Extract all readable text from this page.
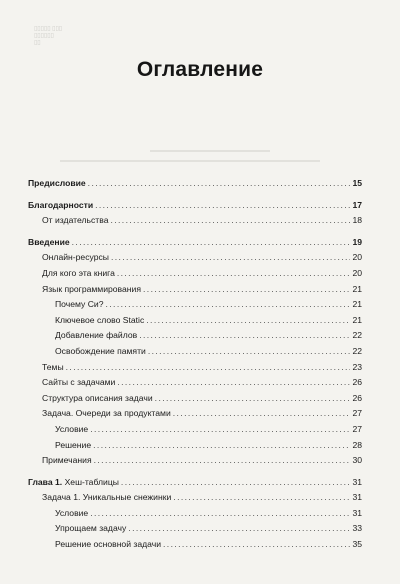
▯▯▯▯▯ ▯▯▯
▯▯▯▯▯▯
▯▯
Оглавление
Предисловие . . .	15
Благодарности . . .	17
От издательства . . .	18
Введение . . .	19
Онлайн-ресурсы . . .	20
Для кого эта книга . . .	20
Язык программирования . . .	21
Почему Си? . . .	21
Ключевое слово Static . . .	21
Добавление файлов . . .	22
Освобождение памяти . . .	22
Темы . . .	23
Сайты с задачами . . .	26
Структура описания задачи . . .	26
Задача. Очереди за продуктами . . .	27
Условие . . .	27
Решение . . .	28
Примечания . . .	30
Глава 1. Хеш-таблицы . . .	31
Задача 1. Уникальные снежинки . . .	31
Условие . . .	31
Упрощаем задачу . . .	33
Решение основной задачи . . .	35
